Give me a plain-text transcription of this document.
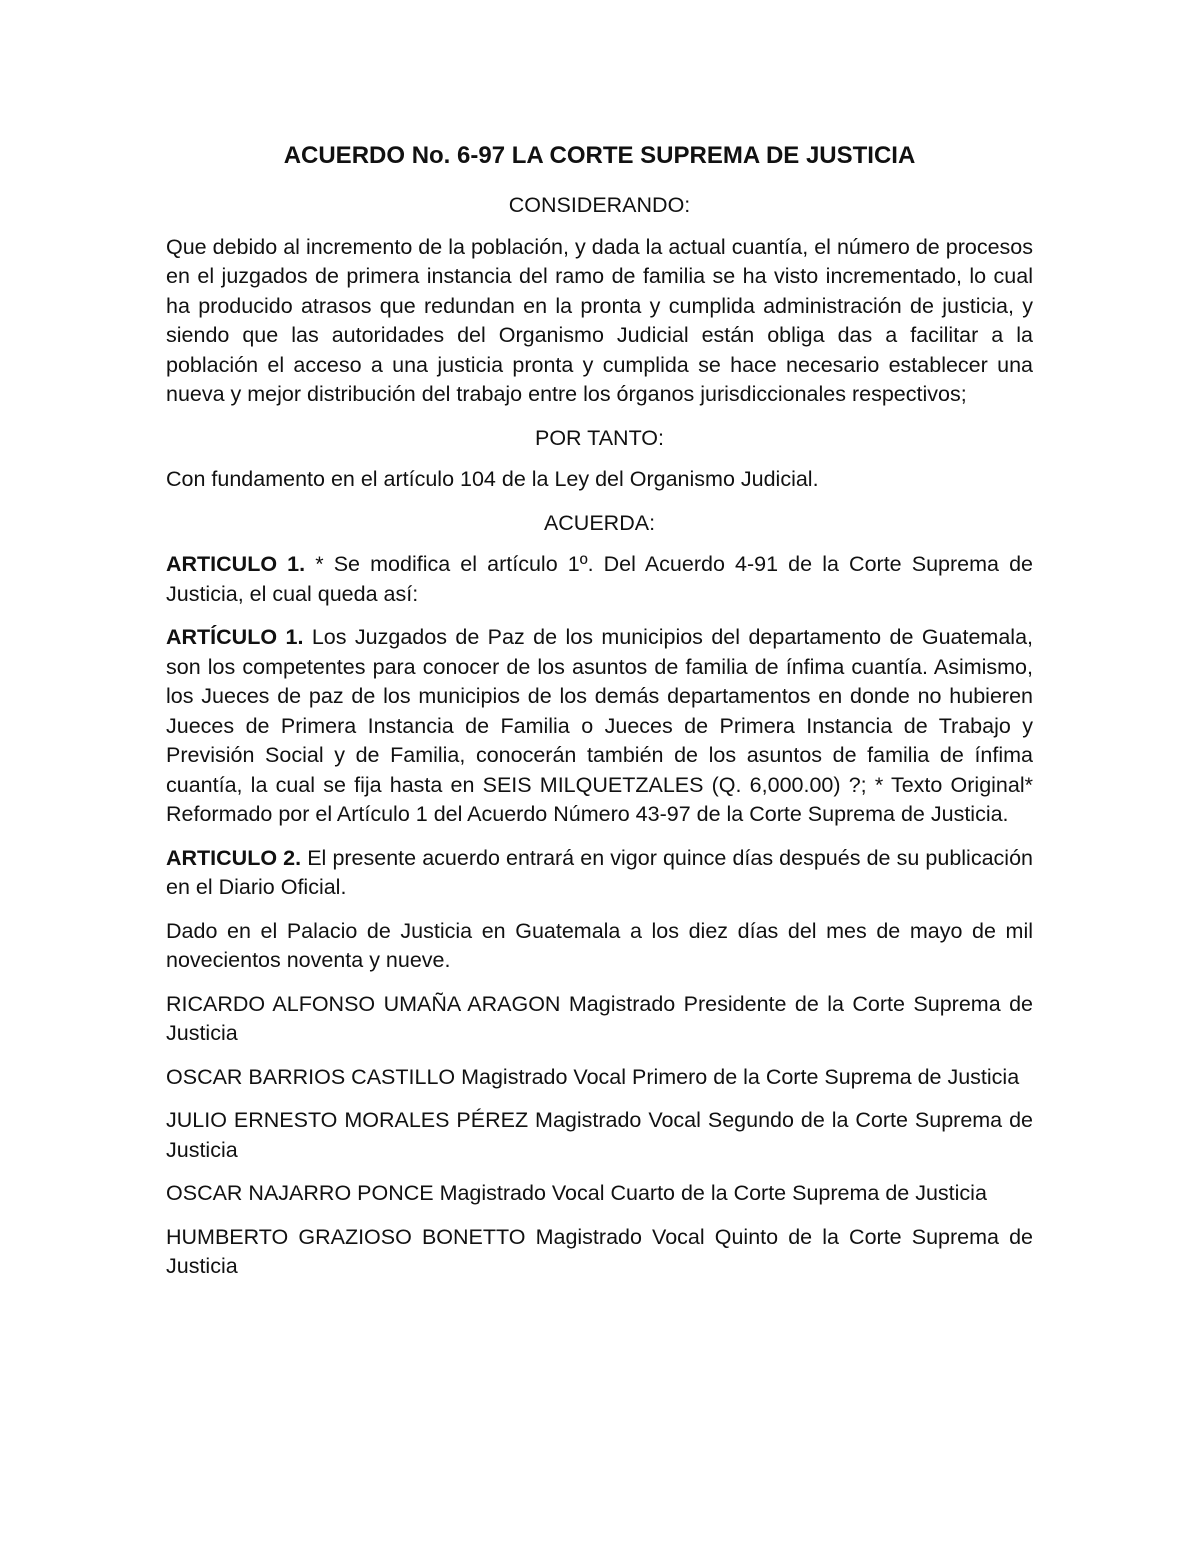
ACUERDO No. 6-97 LA CORTE SUPREMA DE JUSTICIA
CONSIDERANDO:
Que debido al incremento de la población, y dada la actual cuantía, el número de procesos en el juzgados de primera instancia del ramo de familia se ha visto incrementado, lo cual ha producido atrasos que redundan en la pronta y cumplida administración de justicia, y siendo que las autoridades del Organismo Judicial están obliga das a facilitar a la población el acceso a una justicia pronta y cumplida se hace necesario establecer una nueva y mejor distribución del trabajo entre los órganos jurisdiccionales respectivos;
POR TANTO:
Con fundamento en el artículo 104 de la Ley del Organismo Judicial.
ACUERDA:
ARTICULO 1. * Se modifica el artículo 1º. Del Acuerdo 4-91 de la Corte Suprema de Justicia, el cual queda así:
ARTÍCULO 1. Los Juzgados de Paz de los municipios del departamento de Guatemala, son los competentes para conocer de los asuntos de familia de ínfima cuantía. Asimismo, los Jueces de paz de los municipios de los demás departamentos en donde no hubieren Jueces de Primera Instancia de Familia o Jueces de Primera Instancia de Trabajo y Previsión Social y de Familia, conocerán también de los asuntos de familia de ínfima cuantía, la cual se fija hasta en SEIS MILQUETZALES (Q. 6,000.00) ?; * Texto Original* Reformado por el Artículo 1 del Acuerdo Número 43-97 de la Corte Suprema de Justicia.
ARTICULO 2. El presente acuerdo entrará en vigor quince días después de su publicación en el Diario Oficial.
Dado en el Palacio de Justicia en Guatemala a los diez días del mes de mayo de mil novecientos noventa y nueve.
RICARDO ALFONSO UMAÑA ARAGON Magistrado Presidente de la Corte Suprema de Justicia
OSCAR BARRIOS CASTILLO Magistrado Vocal Primero de la Corte Suprema de Justicia
JULIO ERNESTO MORALES PÉREZ Magistrado Vocal Segundo de la Corte Suprema de Justicia
OSCAR NAJARRO PONCE Magistrado Vocal Cuarto de la Corte Suprema de Justicia
HUMBERTO GRAZIOSO BONETTO Magistrado Vocal Quinto de la Corte Suprema de Justicia
